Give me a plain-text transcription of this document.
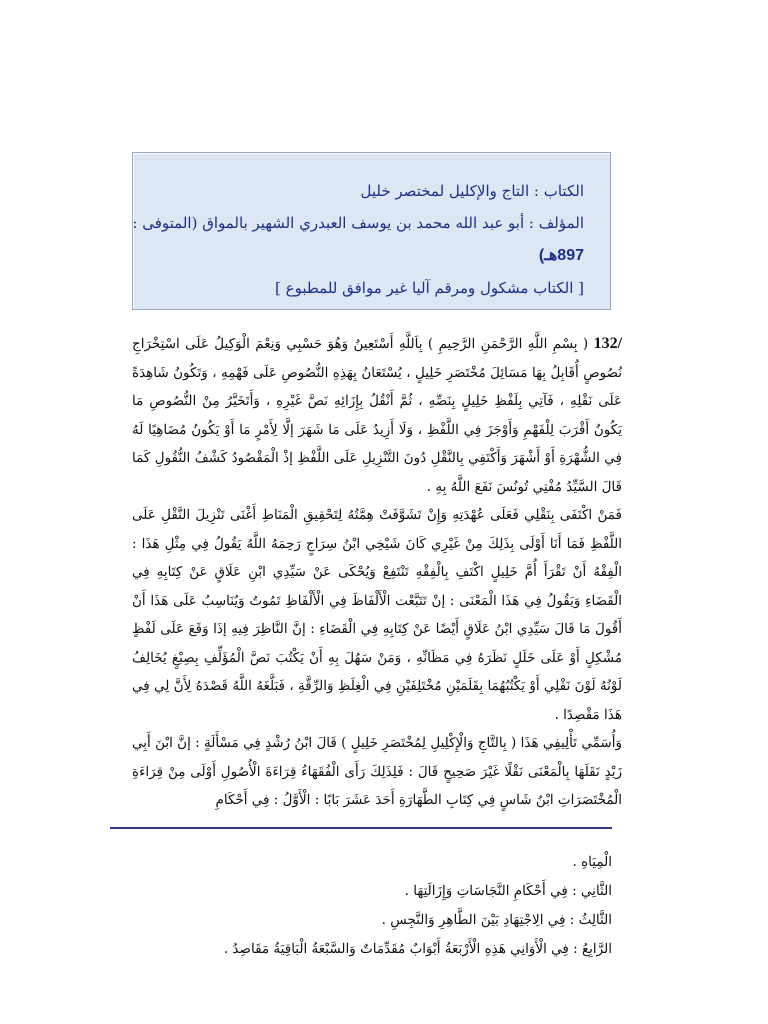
الكتاب : التاج والإكليل لمختصر خليل
المؤلف : أبو عبد الله محمد بن يوسف العبدري الشهير بالمواق (المتوفى :
897هـ)
[ الكتاب مشكول ومرقم آليا غير موافق للمطبوع ]

/132 ( بِسْمِ اللَّهِ الرَّحْمَنِ الرَّحِيمِ ) بِاَللَّهِ أَسْتَعِينُ وَهُوَ حَسْبِي وَنِعْمَ الْوَكِيلُ عَلَى اسْتِخْرَاجِ نُصُوصٍ أُقَابِلُ بِهَا مَسَائِلَ مُخْتَصَرِ خَلِيلٍ ، يُسْتَعَانُ بِهَذِهِ النُّصُوصِ عَلَى فَهْمِهِ ، وَتَكُونُ شَاهِدَةً عَلَى نَقْلِهِ ، فَآتِي بِلَفْظِ خَلِيلٍ بِنَصِّهِ ، ثُمَّ أَنْقُلُ بِإِزَائِهِ نَصَّ غَيْرِهِ ، وَأَتَخَيَّرُ مِنْ النُّصُوصِ مَا يَكُونُ أَقْرَبَ لِلْفَهْمِ وَأَوْجَزَ فِي اللَّفْظِ ، وَلَا أَزِيدُ عَلَى مَا شَهَرَ إلَّا لِأَمْرٍ مَا أَوْ يَكُونُ مُضَاهِيًا لَهُ فِي الشُّهْرَةِ أَوْ أَشْهَرَ وَأَكْتَفِي بِالنَّقْلِ دُونَ التَّنْزِيلِ عَلَى اللَّفْظِ إذْ الْمَقْصُودُ كَشْفُ النُّقُولِ كَمَا قَالَ السَّيِّدُ مُفْتِي تُونُسَ نَفَعَ اللَّهُ بِهِ .

فَمَنْ اكْتَفَى بِنَقْلِي فَعَلَى عُهْدَتِهِ وَإِنْ تَشَوَّفَتْ هِمَّتُهُ لِتَحْقِيقِ الْمَنَاطِ أَغْنَى تَنْزِيلَ النَّقْلِ عَلَى اللَّفْظِ فَمَا أَنَا أَوْلَى بِذَلِكَ مِنْ غَيْرِي كَانَ شَيْخِي ابْنُ سِرَاجٍ رَحِمَهُ اللَّهُ يَقُولُ فِي مِثْلِ هَذَا : الْفِقْهُ أَنْ تَقْرَأَ أُمَّ خَلِيلٍ اكْتَفِ بِالْفِقْهِ تَنْتَفِعْ وَيُحْكَى عَنْ سَيِّدِي ابْنِ عَلَاقٍ عَنْ كِتَابِهِ فِي الْقَضَاءِ وَيَقُولُ فِي هَذَا الْمَعْنَى : إنْ تَتَبَّعْت الْأَلْفَاظَ فِي الْأَلْفَاظِ تَمُوتُ وَيُنَاسِبُ عَلَى هَذَا أَنْ أَقُولَ مَا قَالَ سَيِّدِي ابْنُ عَلَاقٍ أَيْضًا عَنْ كِتَابِهِ فِي الْقَضَاءِ : إنَّ النَّاظِرَ فِيهِ إذَا وَقَعَ عَلَى لَفْظٍ مُشْكِلٍ أَوْ عَلَى خَلَلٍ نَظَرَهُ فِي مَظَانِّهِ ، وَمَنْ سَهُلَ بِهِ أَنْ يَكْتُبَ نَصَّ الْمُؤَلِّفِ بِصِبْغٍ يُخَالِفُ لَوْنُهُ لَوْنَ نَقْلِي أَوْ يَكْتُبُهُمَا بِقَلَمَيْنِ مُخْتَلِفَيْنِ فِي الْغِلَظِ وَالرِّقَّةِ ، فَبَلَّغَهُ اللَّهُ قَصْدَهُ لِأَنَّ لِي فِي هَذَا مَقْصِدًا .

وَأُسَمِّي تَأْلِيفِي هَذَا ( بِالتَّاجِ وَالْإِكْلِيلِ لِمُخْتَصَرِ خَلِيلٍ ) قَالَ ابْنُ رُشْدٍ فِي مَسْأَلَةٍ : إنَّ ابْنَ أَبِي زَيْدٍ نَقَلَهَا بِالْمَعْنَى نَقْلًا غَيْرَ صَحِيحٍ قَالَ : فَلِذَلِكَ رَأَى الْفُقَهَاءُ قِرَاءَةَ الْأُصُولِ أَوْلَى مِنْ قِرَاءَةِ الْمُخْتَصَرَاتِ ابْنُ شَاسٍ فِي كِتَابِ الطَّهَارَةِ أَحَدَ عَشَرَ بَابًا : الْأَوَّلُ : فِي أَحْكَامِ

الْمِيَاهِ .
الثَّانِي : فِي أَحْكَامِ النَّجَاسَاتِ وَإِزَالَتِهَا .
الثَّالِثُ : فِي الِاجْتِهَادِ بَيْنَ الطَّاهِرِ وَالنَّجِسِ .
الرَّابِعُ : فِي الْأَوَانِي هَذِهِ الْأَرْبَعَةُ أَبْوَابٌ مُقَدِّمَاتٌ وَالسَّبْعَةُ الْبَاقِيَةُ مَقَاصِدُ .
